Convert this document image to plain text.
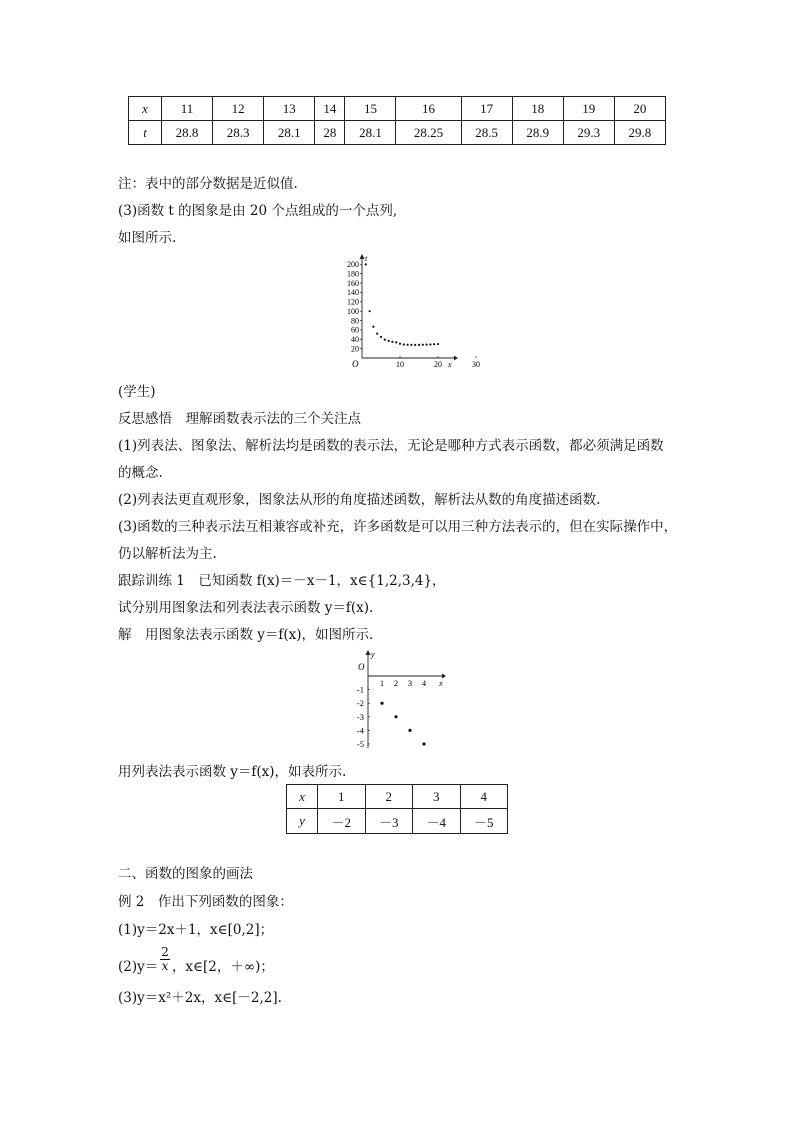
x	11	12	13	14	15	16	17	18	19	20
t	28.8	28.3	28.1	28	28.1	28.25	28.5	28.9	29.3	29.8
注：表中的部分数据是近似值.
(3)函数 t 的图象是由 20 个点组成的一个点列,
如图所示.
20
40
60
80
100
120
140
160
180
200
10	20	30
O	x
t
(学生)
反思感悟　理解函数表示法的三个关注点
(1)列表法、图象法、解析法均是函数的表示法，无论是哪种方式表示函数，都必须满足函数
的概念.
(2)列表法更直观形象，图象法从形的角度描述函数，解析法从数的角度描述函数.
(3)函数的三种表示法互相兼容或补充，许多函数是可以用三种方法表示的，但在实际操作中，
仍以解析法为主.
跟踪训练 1　 已知函数 f(x)＝－x－1，x∈{1,2,3,4}，
试分别用图象法和列表法表示函数 y＝f(x).
解　 用图象法表示函数 y＝f(x)，如图所示.
1 2 3 4
-1
-2
-3
-4
-5
O
x
y
用列表法表示函数 y＝f(x)，如表所示.
x	1	2	3	4
y	－2	－3	－4	－5
二、函数的图象的画法
例 2　 作出下列函数的图象：
(1)y＝2x＋1，x∈[0,2]；
$(2)y= \frac{2}{x}$ ，x∈[2，＋∞)；
(3)y＝x²＋2x，x∈[－2,2].
